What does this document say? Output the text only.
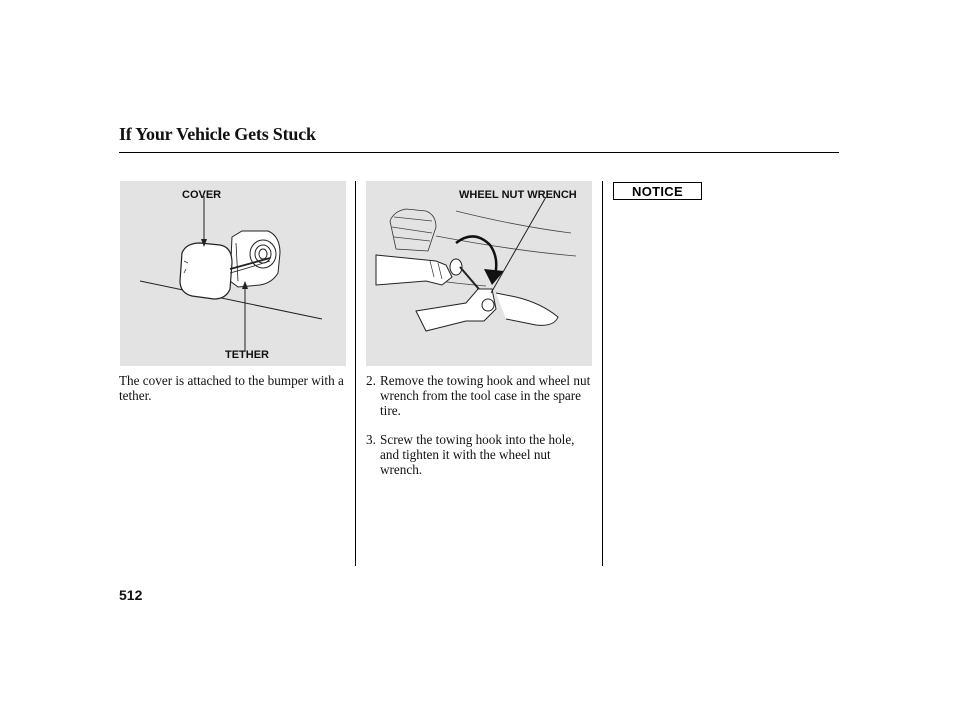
If Your Vehicle Gets Stuck
COVER
TETHER
The cover is attached to the bumper with a tether.
WHEEL NUT WRENCH
2. Remove the towing hook and wheel nut wrench from the tool case in the spare tire.
3. Screw the towing hook into the hole, and tighten it with the wheel nut wrench.
NOTICE
512
